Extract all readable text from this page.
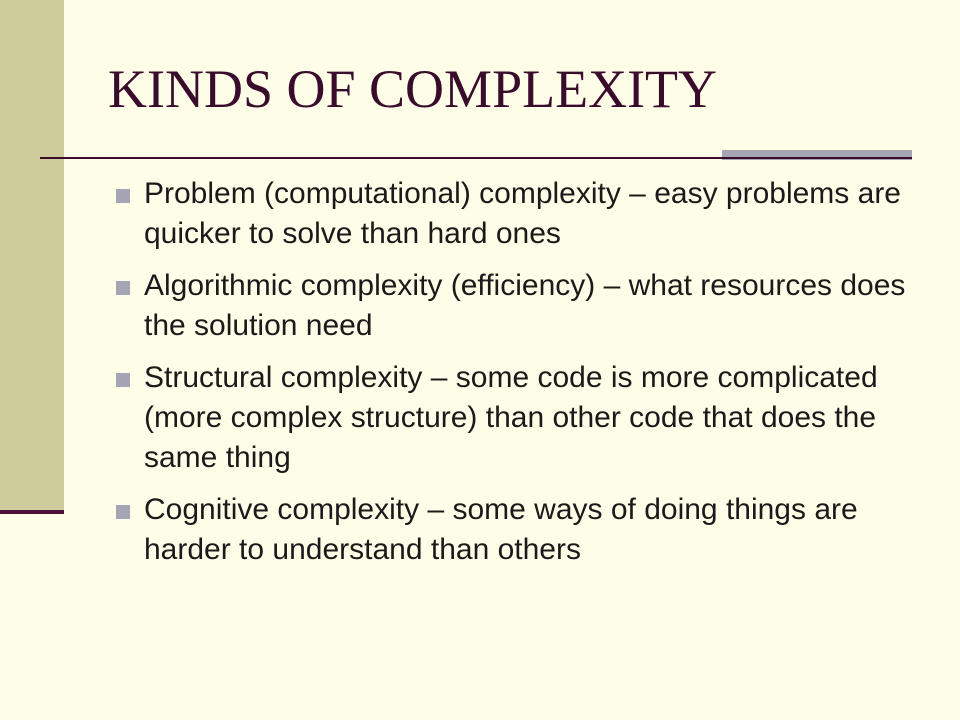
KINDS OF COMPLEXITY
Problem (computational) complexity – easy problems are quicker to solve than hard ones
Algorithmic complexity (efficiency) – what resources does the solution need
Structural complexity – some code is more complicated (more complex structure) than other code that does the same thing
Cognitive complexity – some ways of doing things are harder to understand than others
